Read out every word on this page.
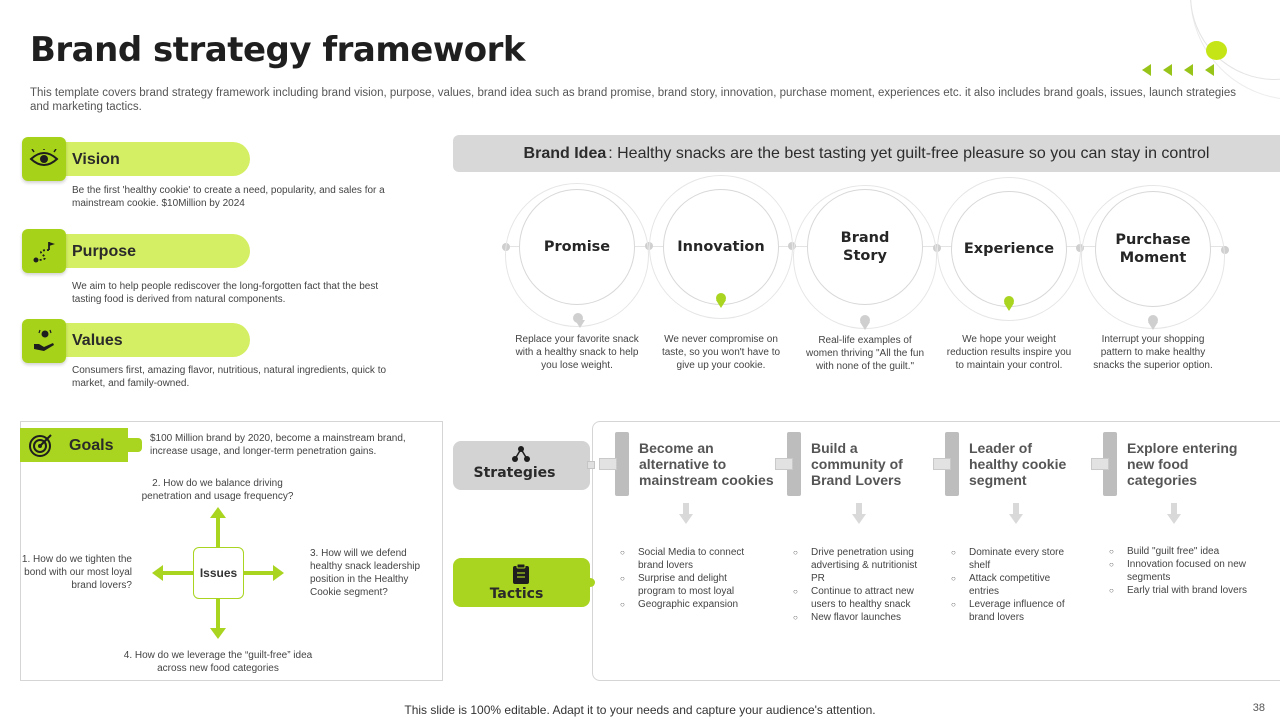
Brand strategy framework
This template covers brand strategy framework including brand vision, purpose, values, brand idea such as brand promise, brand story, innovation, purchase moment, experiences etc. it also includes brand goals, issues, launch strategies and marketing tactics.
Vision
Be the first 'healthy cookie' to create a need, popularity, and sales for a mainstream cookie. $10Million by 2024
Purpose
We aim to help people rediscover the long-forgotten fact that the best tasting food is derived from natural components.
Values
Consumers first, amazing flavor, nutritious, natural ingredients, quick to market, and family-owned.
Goals	$100 Million brand by 2020, become a mainstream brand, increase usage, and longer-term penetration gains.
2. How do we balance driving penetration and usage frequency?
1. How do we tighten the bond with our most loyal brand lovers?
3. How will we defend healthy snack leadership position in the Healthy Cookie segment?
4. How do we leverage the “guilt-free” idea across new food categories
Issues
Brand Idea : Healthy snacks are the best tasting yet guilt-free pleasure so you can stay in control
Promise	Innovation
Brand Story	Experience
Purchase Moment
Replace your favorite snack with a healthy snack to help you lose weight.
We never compromise on taste, so you won't have to give up your cookie.
Real-life examples of women thriving "All the fun with none of the guilt."
We hope your weight reduction results inspire you to maintain your control.
Interrupt your shopping pattern to make healthy snacks the superior option.
Strategies
Tactics
Become an alternative to mainstream cookies
Build a community of Brand Lovers
Leader of healthy cookie segment
Explore entering new food categories
○ Social Media to connect brand lovers
○ Surprise and delight program to most loyal
○ Geographic expansion
○ Drive penetration using advertising & nutritionist PR
○ Continue to attract new users to healthy snack
○ New flavor launches
○ Dominate every store shelf
○ Attack competitive entries
○ Leverage influence of brand lovers
○ Build "guilt free" idea
○ Innovation focused on new segments
○ Early trial with brand lovers
This slide is 100% editable. Adapt it to your needs and capture your audience's attention.	38
